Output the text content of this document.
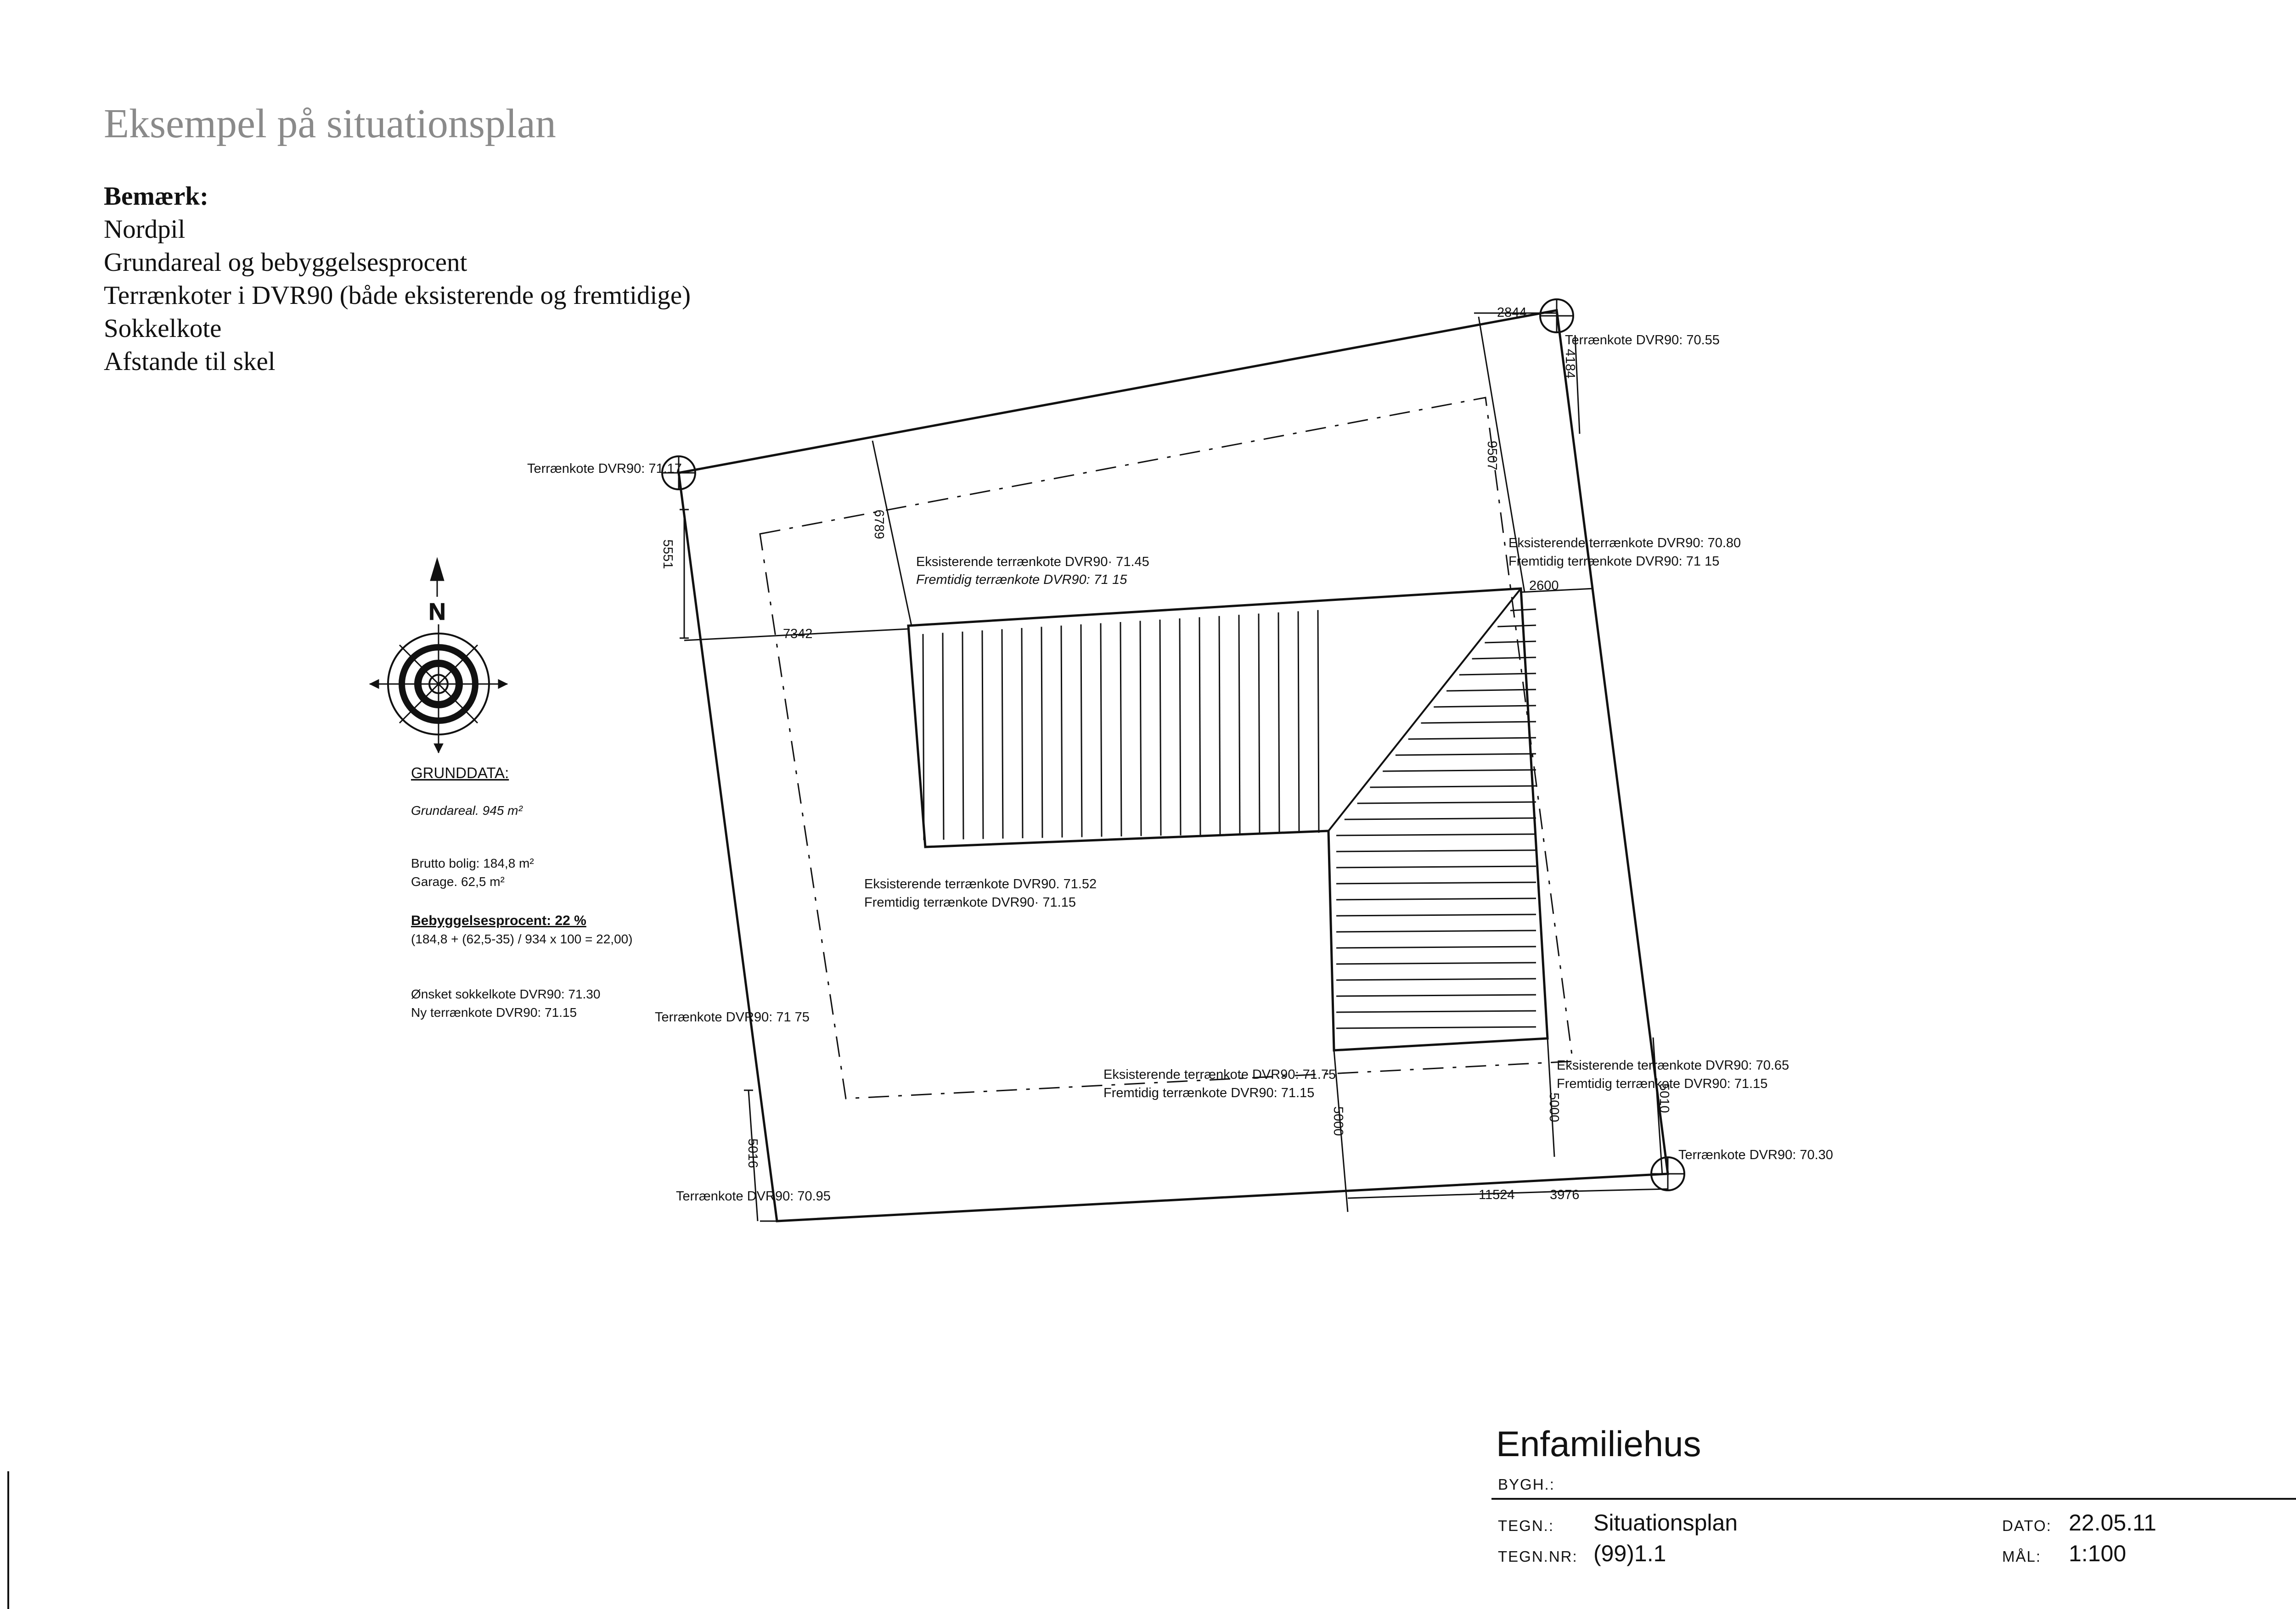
Eksempel på situationsplan
Bemærk:
Nordpil
Grundareal og bebyggelsesprocent
Terrænkoter i DVR90 (både eksisterende og fremtidige)
Sokkelkote
Afstande til skel
N
GRUNDDATA:
Grundareal. 945 m²
Brutto bolig: 184,8 m²
Garage. 62,5 m²
Bebyggelsesprocent: 22 %
(184,8 + (62,5-35) / 934 x 100 = 22,00)
Ønsket sokkelkote DVR90: 71.30
Ny terrænkote DVR90: 71.15
Terrænkote DVR90: 71.17
Terrænkote DVR90: 70.55
Terrænkote DVR90: 70.30
Terrænkote DVR90: 70.95
Terrænkote DVR90: 71 75
Eksisterende terrænkote DVR90· 71.45
Fremtidig terrænkote DVR90: 71 15
Eksisterende terrænkote DVR90: 70.80
Fremtidig terrænkote DVR90: 71 15
Eksisterende terrænkote DVR90. 71.52
Fremtidig terrænkote DVR90· 71.15
Eksisterende terrænkote DVR90: 71.75
Fremtidig terrænkote DVR90: 71.15
Eksisterende terrænkote DVR90: 70.65
Fremtidig terrænkote DVR90: 71.15
2844
4184
9507
6789
5551
7342
2600
5016
5000	5000	5010
11524	3976
Enfamiliehus
BYGH.:
TEGN.: Situationsplan
TEGN.NR: (99)1.1
DATO: 22.05.11
MÅL: 1:100
